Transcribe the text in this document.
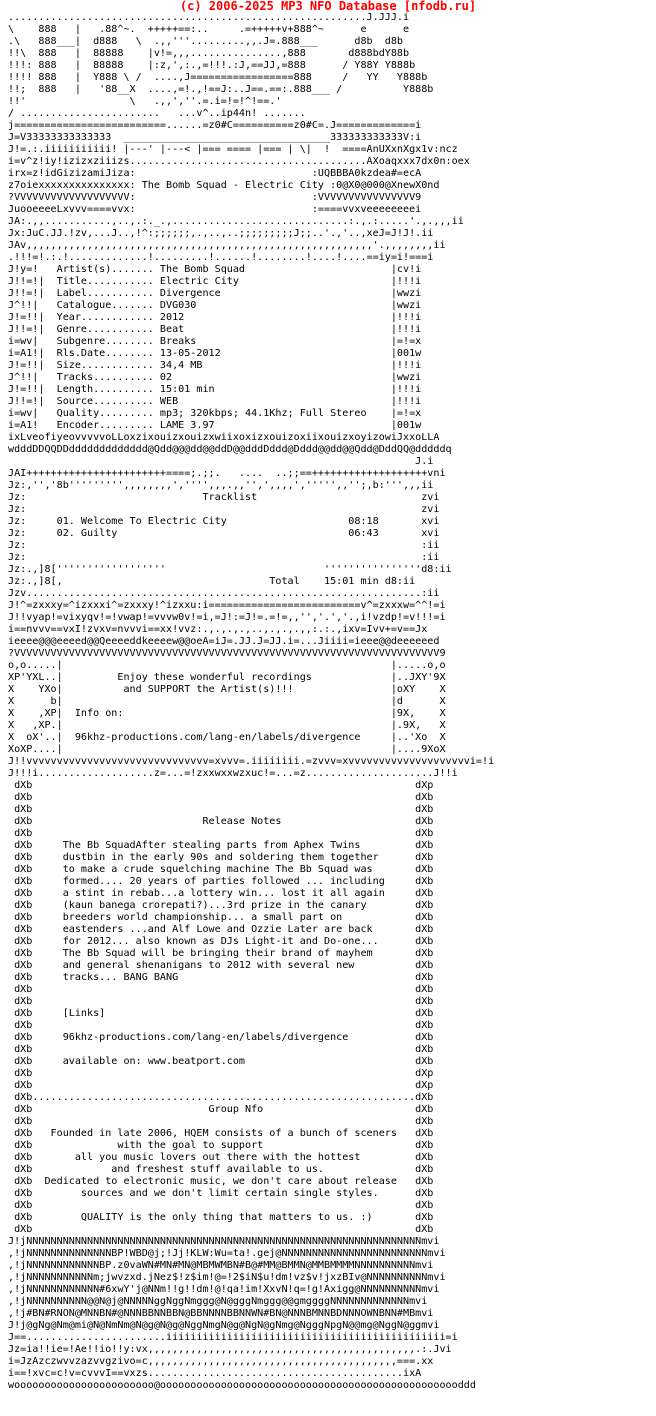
(c) 2006-2025 MP3 NFO Database [nfodb.ru]
...........................................................J.JJJ.i
\    888   |   .88^~.  +++++==:..     .=+++++v+888^~      e      e
.\   888___|  d888   \  .,,'''.........,,.J=.888___      d8b  d8b
!!\  888   |  88888    |v!=,,,...............,888       d888bdY88b
!!!: 888   |  88888    |:z,',:.,=!!!.:J,==JJ,=888      / Y88Y Y888b
!!!! 888   |  Y888 \ /  ....,J=================888     /   YY   Y888b
!!;  888   |   '88__X  ....,=!.,!==J:..J==.==:.888___ /          Y888b
!!'                 \   .,,',''.=.i=!=!^!==.'
/ .......................   ...v^..ip44n! .......
j=========================......=z0#C==========z0#C=.J=============i
J=V33333333333333  __________________________________333333333333V:i
J!=.:.iiiiiiiiiii! |---' |---< |=== ==== |=== | \|  !  ====AnUXxnXgx1v:ncz
i=v^z!iy!izizxziiizs.......................................AXoaqxxx7dx0n:oex
irx=z!idGizizamiJiza:                             :UQBBBA0kzdea#=ecA
z7oiexxxxxxxxxxxxxxx: The Bomb Squad - Electric City :0@X0@000@XnewX0nd
?VVVVVVVVVVVVVVVVVVV:                             :VVVVVVVVVVVVVVVV9
JuooeeeeLxvvv====vvx:                             :====vvxveeeeeeeei
JA:.,,...........,..,.:._.,.............................:.,.:.....'.,.,,,ii
Jx:JuC.JJ.!zv,...J..,!^:;;;;;;,.,..,..;;;;;;;;;J;;..'.,'..,xeJ=J!J!.ii
JAv,,,,,,,,,,,,,,,,,,,,,,,,,,,,,,,,,,,,,,,,,,,,,,,,,,,,,,,,,'.,,,,,,,,ii
.!!!=!.:.!.............!.........!......!........!....!....==iy=i!===i
J!y=!   Artist(s)....... The Bomb Squad                        |cv!i
J!!=!|  Title........... Electric City                         |!!!i
J!!=!|  Label........... Divergence                            |wwzi
J^!!|   Catalogue....... DVG030                                |wwzi
J!=!!|  Year............ 2012                                  |!!!i
J!!=!|  Genre........... Beat                                  |!!!i
i=wv|   Subgenre........ Breaks                                |=!=x
i=A1!|  Rls.Date........ 13-05-2012                            |001w
J!=!!|  Size............ 34,4 MB                               |!!!i
J^!!|   Tracks.......... 02                                    |wwzi
J!=!!|  Length.......... 15:01 min                             |!!!i
J!!=!|  Source.......... WEB                                   |!!!i
i=wv|   Quality......... mp3; 320kbps; 44.1Khz; Full Stereo    |=!=x
i=A1!   Encoder......... LAME 3.97                             |001w
ixLveofiyeovvvvvoLLoxzixouizxouizxwiixoxizxouizoxiixouizxoyizowiJxxoLLA
wdddDDQQDDddddddddddddd@Qdd@@@dd@@ddD@@dddDddd@Dddd@@dd@@Qdd@DddQQ@dddddq
J.i
JAI+++++++++++++++++++++++====;.;;.   ....  ..;;==+++++++++++++++++++vni
Jz:,'','8b''''''''',,,,,,,,','''',,,.,,'',',,,,',''''',,'';,b:''',,,ii
Jz:                             Tracklist                           zvi
Jz:                                                                 zvi
Jz:     01. Welcome To Electric City                    08:18       xvi
Jz:     02. Guilty                                      06:43       xvi
Jz:                                                                 :ii
Jz:                                                                 :ii
Jz:.,]8[''''''''''''''''''                          ''''''''''''''''d8:ii
Jz:.,]8[,                                  Total    15:01 min d8:ii
Jzv.................................................................:ii
J!^=zxxxy=^izxxxi^=zxxxy!^izxxu:i=========================v^=zxxxw=^^!=i
J!!vyap!=vixyqv!=!vwap!=vvvw0v!=i,=J!:=J!=.=!=,,'','.','.,i!vzdp!=v!!!=i
i==nvvv==vxI!zvxv=nvvvi==xx!vvz:.,.,.,.,..,.,.,.,,:.:.,ixv=Ivv+=v==Jx
ieeee@@@eeeed@@Qeeeeddkeeeew@@oeA=iJ=.JJ.J=JJ.i=...Jiiii=ieee@@deeeeeed
?VVVVVVVVVVVVVVVVVVVVVVVVVVVVVVVVVVVVVVVVVVVVVVVVVVVVVVVVVVVVVVVVVVVVVV9
o,o.....|                                                      |.....o,o
XP'YXL..|         Enjoy these wonderful recordings             |..JXY'9X
X    YXo|          and SUPPORT the Artist(s)!!!                |oXY    X
X      b|                                                      |d      X
X    ,XP|  Info on:                                            |9X,    X
X   ,XP.|                                                      |.9X,   X
X  oX'..|  96khz-productions.com/lang-en/labels/divergence     |..'Xo  X
XoXP....|                                                      |....9XoX
J!!vvvvvvvvvvvvvvvvvvvvvvvvvvvvvv=xvvv=.iiiiiiii.=zvvv=xvvvvvvvvvvvvvvvvvvvvi=!i
J!!!i...................z=...=!zxxwxxwzxuc!=...=z.....................J!!i
dXb                                                               dXp
dXb                                                               dXb
dXb                                                               dXb
dXb                            Release Notes                      dXb
dXb                                                               dXb
dXb     The Bb SquadAfter stealing parts from Aphex Twins         dXb
dXb     dustbin in the early 90s and soldering them together      dXb
dXb     to make a crude squelching machine The Bb Squad was       dXb
dXb     formed.... 20 years of parties followed ... including     dXb
dXb     a stint in rebab...a lottery win... lost it all again     dXb
dXb     (kaun banega crorepati?)...3rd prize in the canary        dXb
dXb     breeders world championship... a small part on            dXb
dXb     eastenders ...and Alf Lowe and Ozzie Later are back       dXb
dXb     for 2012... also known as DJs Light-it and Do-one...      dXb
dXb     The Bb Squad will be bringing their brand of mayhem       dXb
dXb     and general shenanigans to 2012 with several new          dXb
dXb     tracks... BANG BANG                                       dXb
dXb                                                               dXb
dXb                                                               dXb
dXb     [Links]                                                   dXb
dXb                                                               dXb
dXb     96khz-productions.com/lang-en/labels/divergence           dXb
dXb                                                               dXb
dXb     available on: www.beatport.com                            dXb
dXb                                                               dXp
dXb                                                               dXp
dXb...............................................................dXb
dXb                             Group Nfo                         dXb
dXb                                                               dXb
dXb   Founded in late 2006, HQEM consists of a bunch of sceners   dXb
dXb              with the goal to support                         dXb
dXb       all you music lovers out there with the hottest         dXb
dXb             and freshest stuff available to us.               dXb
dXb  Dedicated to electronic music, we don't care about release   dXb
dXb        sources and we don't limit certain single styles.      dXb
dXb                                                               dXb
dXb        QUALITY is the only thing that matters to us. :)       dXb
dXb                                                               dXb
J!jNNNNNNNNNNNNNNNNNNNNNNNNNNNNNNNNNNNNNNNNNNNNNNNNNNNNNNNNNNNNNNNNNmvi
,!jNNNNNNNNNNNNNNBP!WBD@j;!Jj!KLW:Wu=ta!.gej@NNNNNNNNNNNNNNNNNNNNNNNNmvi
,!jNNNNNNNNNNNNBP.z0vaWN#MN#MN@MBMWMBN#B@#MM@BMMN@MMBMMMMNNNNNNNNNNmvi
,!jNNNNNNNNNNNm;jwvzxd.jNez$!z$im!@=!2$iN$u!dm!vz$v!jxzBIv@NNNNNNNNNNmvi
,!jNNNNNNNNNNNN#6xwY'j@NNm!!g!!dm!@!qa!im!XxvN!q=!g!Axigg@NNNNNNNNNNmvi
,!jNNNNNNNNNN@@N@j@NNNNNggNggNmggg@N@gggNmggg@@gmggggNNNNNNNNNNNNNmvi
,!j#BN#RNON@MNNBN#@NNNBBNNBBN@BBNNNNBBNNWN#BN@NNNBMNNBDNNNOWNBNN#MBmvi
J!j@gNg@Nm@mi@N@NmNm@N@g@N@g@NggNmgN@g@NgN@gNmg@NgggNpgN@@mg@NggN@ggmvi
J==.......................iiiiiiiiiiiiiiiiiiiiiiiiiiiiiiiiiiiiiiiiiiiiii=i
Jz=ia!!ie=!Ae!!io!!y:vx,,,,,,,,,,,,,,,,,,,,,,,,,,,,,,,,,,,,,,,,,,,,.:.Jvi
i=JzAzczwvvzazvvgzivo=c,,,,,,,,,,,,,,,,,,,,,,,,,,,,,,,,,,,,,,,,,===.xx
i==!xvc=c!v=cvvvI==vxzs..........................................ixA
wooooooooooooooooooooooo@oooooooooooooooooooooooooooooooooooooooooooooooooddd
